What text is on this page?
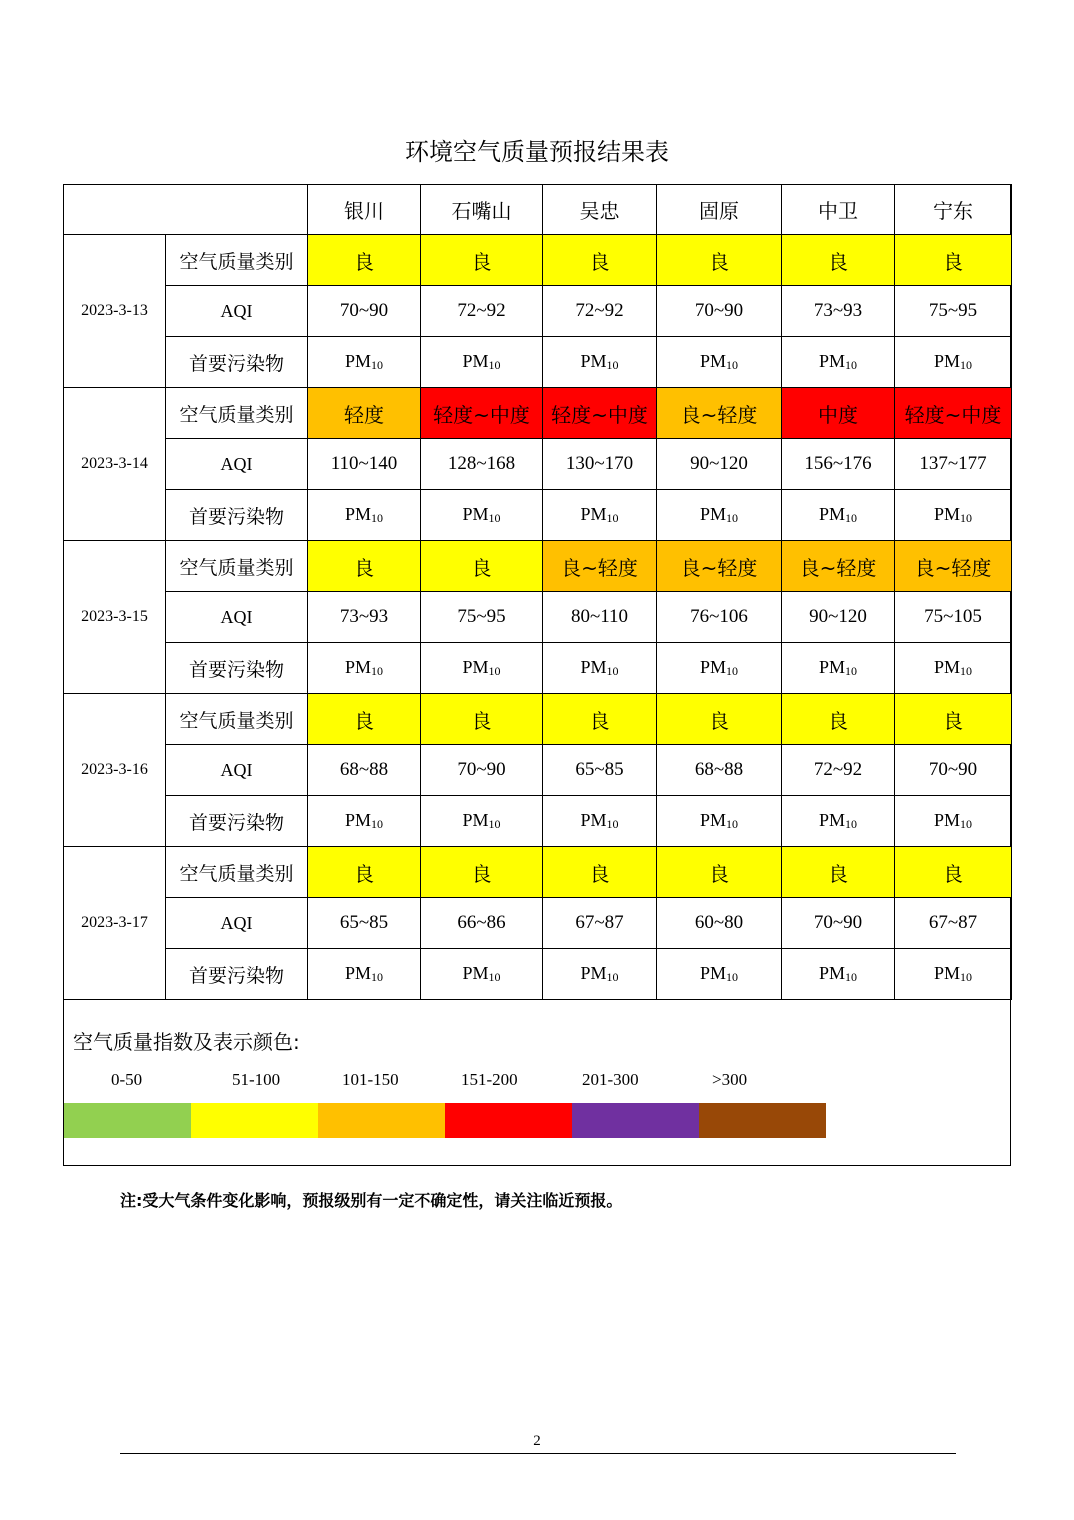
环境空气质量预报结果表
		银川	石嘴山	吴忠	固原	中卫	宁东
2023-3-13	空气质量类别	良	良	良	良	良	良
	AQI	70~90	72~92	72~92	70~90	73~93	75~95
	首要污染物	$PM_{10}$	$PM_{10}$	$PM_{10}$	$PM_{10}$	$PM_{10}$	$PM_{10}$
2023-3-14	空气质量类别	轻度	轻度~中度	轻度~中度	良~轻度	中度	轻度~中度
	AQI	110~140	128~168	130~170	90~120	156~176	137~177
	首要污染物	$PM_{10}$	$PM_{10}$	$PM_{10}$	$PM_{10}$	$PM_{10}$	$PM_{10}$
2023-3-15	空气质量类别	良	良	良~轻度	良~轻度	良~轻度	良~轻度
	AQI	73~93	75~95	80~110	76~106	90~120	75~105
	首要污染物	$PM_{10}$	$PM_{10}$	$PM_{10}$	$PM_{10}$	$PM_{10}$	$PM_{10}$
2023-3-16	空气质量类别	良	良	良	良	良	良
	AQI	68~88	70~90	65~85	68~88	72~92	70~90
	首要污染物	$PM_{10}$	$PM_{10}$	$PM_{10}$	$PM_{10}$	$PM_{10}$	$PM_{10}$
2023-3-17	空气质量类别	良	良	良	良	良	良
	AQI	65~85	66~86	67~87	60~80	70~90	67~87
	首要污染物	$PM_{10}$	$PM_{10}$	$PM_{10}$	$PM_{10}$	$PM_{10}$	$PM_{10}$
空气质量指数及表示颜色:
0-50	51-100	101-150	151-200	201-300	>300
注:受大气条件变化影响，预报级别有一定不确定性，请关注临近预报。
2
